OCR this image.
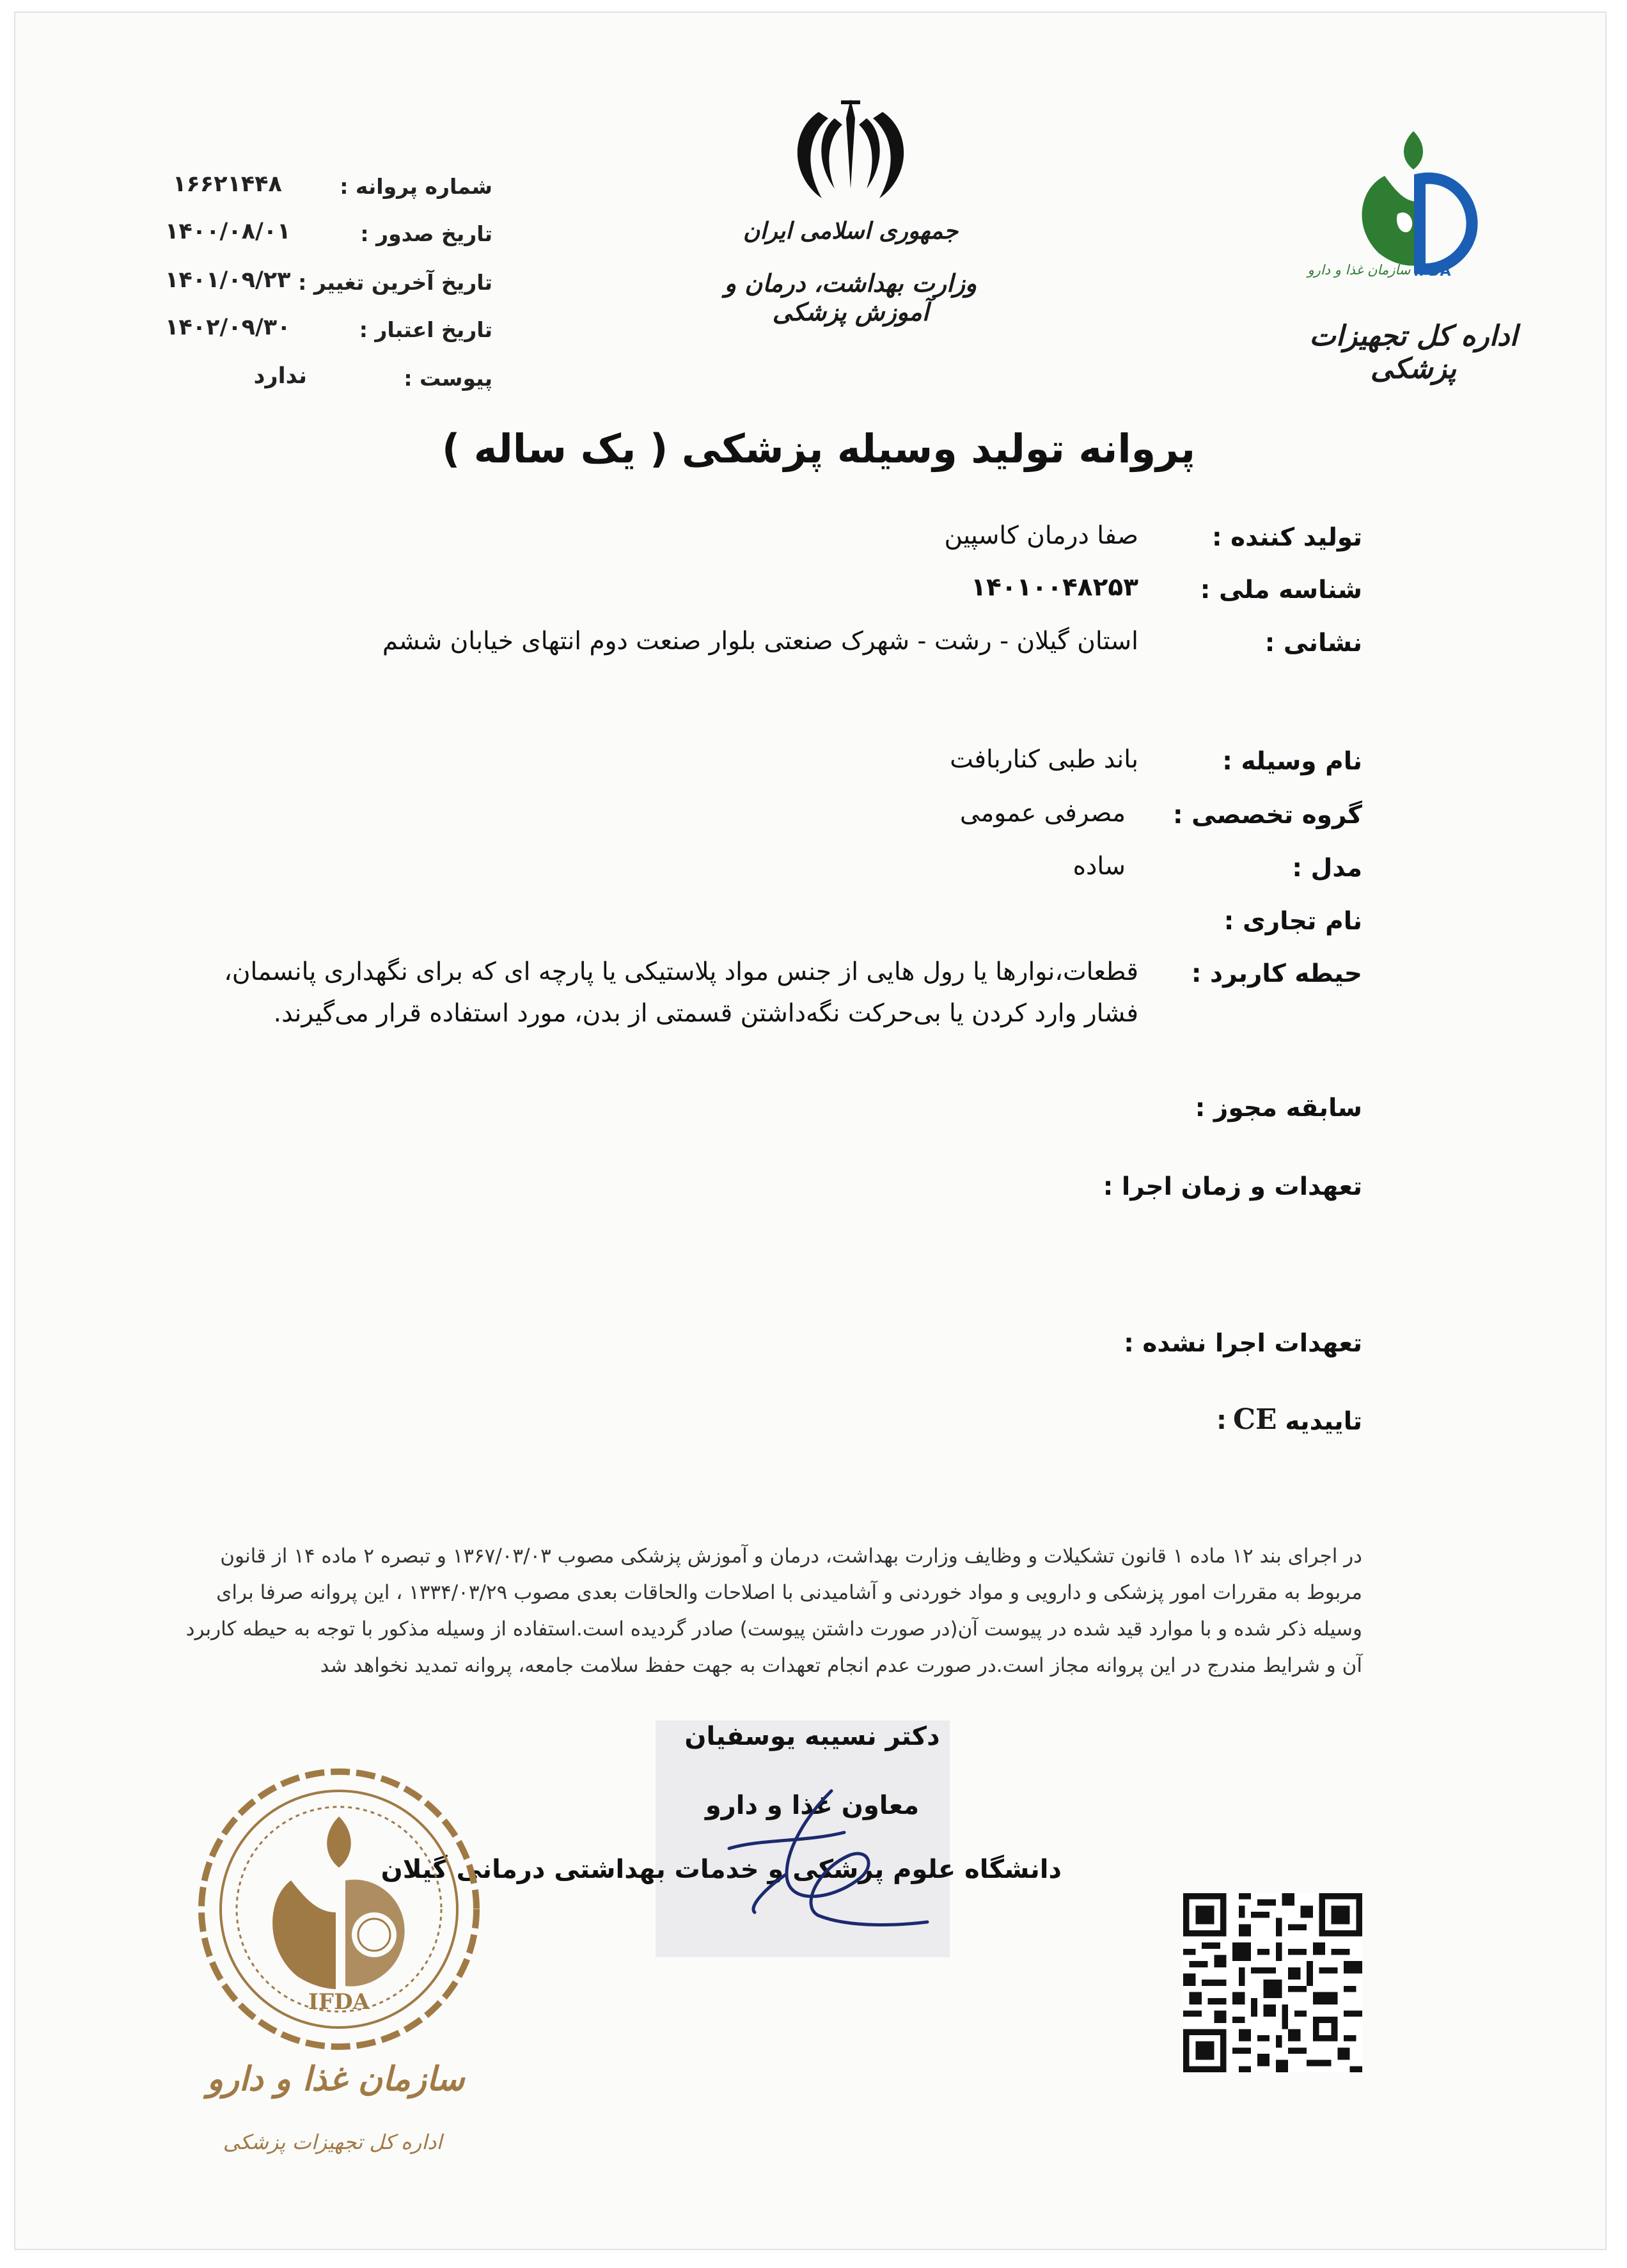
جمهوری اسلامی ایران
وزارت بهداشت، درمان و آموزش پزشکی
سازمان غذا و دارو IFDA
اداره کل تجهیزات پزشکی
شماره پروانه :
۱۶۶۲۱۴۴۸
تاریخ صدور :
۱۴۰۰/۰۸/۰۱
تاریخ آخرین تغییر :
۱۴۰۱/۰۹/۲۳
تاریخ اعتبار :
۱۴۰۲/۰۹/۳۰
پیوست :
ندارد
پروانه تولید وسیله پزشکی ( یک ساله )
تولید کننده :
صفا درمان کاسپین
شناسه ملی :
۱۴۰۱۰۰۴۸۲۵۳
نشانی :
استان گیلان - رشت - شهرک صنعتی بلوار صنعت دوم انتهای خیابان ششم
نام وسیله :
باند طبی کناربافت
گروه تخصصی :
مصرفی عمومی
مدل :
ساده
نام تجاری :
حیطه کاربرد :
قطعات،نوارها یا رول هایی از جنس مواد پلاستیکی یا پارچه ای که برای نگهداری پانسمان،
فشار وارد کردن یا بی‌حرکت نگه‌داشتن قسمتی از بدن، مورد استفاده قرار می‌گیرند.
سابقه مجوز :
تعهدات و زمان اجرا :
تعهدات اجرا نشده :
تاییدیه
CE
:
در اجرای بند ۱۲ ماده ۱ قانون تشکیلات و وظایف وزارت بهداشت، درمان و آموزش پزشکی مصوب ۱۳۶۷/۰۳/۰۳ و تبصره ۲ ماده ۱۴ از قانون
مربوط به مقررات امور پزشکی و دارویی و مواد خوردنی و آشامیدنی با اصلاحات والحاقات بعدی مصوب ۱۳۳۴/۰۳/۲۹ ، این پروانه صرفا برای
وسیله ذکر شده و با موارد قید شده در پیوست آن(در صورت داشتن پیوست) صادر گردیده است.استفاده از وسیله مذکور با توجه به حیطه کاربرد
آن و شرایط مندرج در این پروانه مجاز است.در صورت عدم انجام تعهدات به جهت حفظ سلامت جامعه، پروانه تمدید نخواهد شد
دکتر نسیبه یوسفیان
معاون غذا و دارو
دانشگاه علوم پزشکی و خدمات بهداشتی درمانی گیلان
IFDA
سازمان غذا و دارو
اداره کل تجهیزات پزشکی
